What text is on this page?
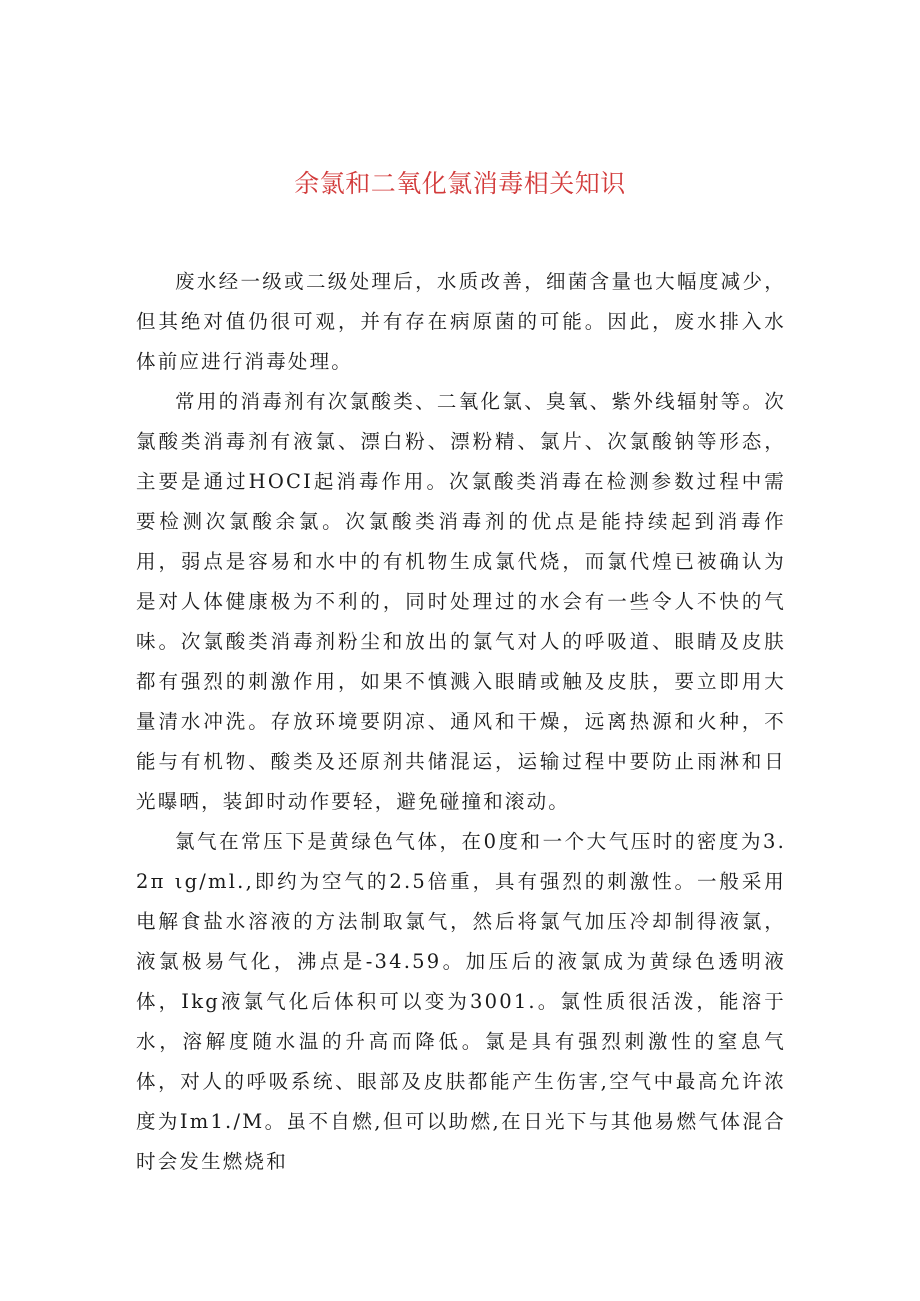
余氯和二氧化氯消毒相关知识

废水经一级或二级处理后，水质改善，细菌含量也大幅度减少，但其绝对值仍很可观，并有存在病原菌的可能。因此，废水排入水体前应进行消毒处理。

常用的消毒剂有次氯酸类、二氧化氯、臭氧、紫外线辐射等。次氯酸类消毒剂有液氯、漂白粉、漂粉精、氯片、次氯酸钠等形态，主要是通过HOCI起消毒作用。次氯酸类消毒在检测参数过程中需要检测次氯酸余氯。次氯酸类消毒剂的优点是能持续起到消毒作用，弱点是容易和水中的有机物生成氯代烧，而氯代煌已被确认为是对人体健康极为不利的，同时处理过的水会有一些令人不快的气味。次氯酸类消毒剂粉尘和放出的氯气对人的呼吸道、眼睛及皮肤都有强烈的刺激作用，如果不慎溅入眼睛或触及皮肤，要立即用大量清水冲洗。存放环境要阴凉、通风和干燥，远离热源和火种，不能与有机物、酸类及还原剂共储混运，运输过程中要防止雨淋和日光曝晒，装卸时动作要轻，避免碰撞和滚动。

氯气在常压下是黄绿色气体，在0度和一个大气压时的密度为3.2π ιg/ml.,即约为空气的2.5倍重，具有强烈的刺激性。一般采用电解食盐水溶液的方法制取氯气，然后将氯气加压冷却制得液氯，液氯极易气化，沸点是-34.59。加压后的液氯成为黄绿色透明液体，Ikg液氯气化后体积可以变为3001.。氯性质很活泼，能溶于水，溶解度随水温的升高而降低。氯是具有强烈刺激性的窒息气体，对人的呼吸系统、眼部及皮肤都能产生伤害,空气中最高允许浓度为Im1./M。虽不自燃,但可以助燃,在日光下与其他易燃气体混合时会发生燃烧和
